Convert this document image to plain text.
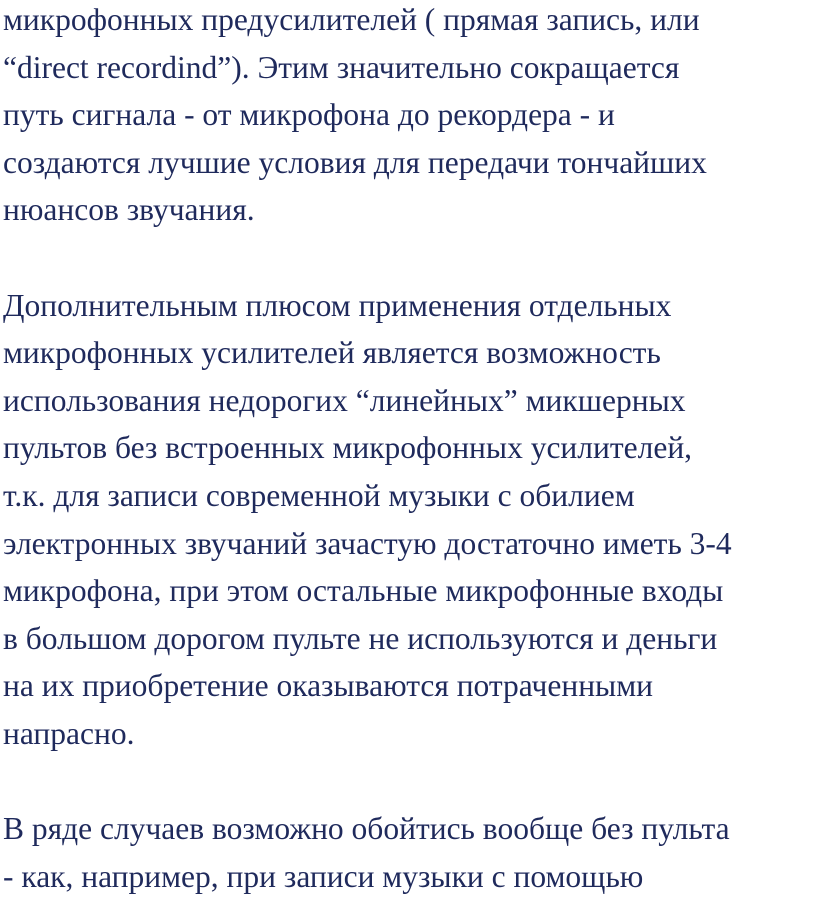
микрофонных предусилителей ( прямая запись, или
“direct recordind”). Этим значительно сокращается
путь сигнала - от микрофона до рекордера - и
создаются лучшие условия для передачи тончайших
нюансов звучания.
Дополнительным плюсом применения отдельных
микрофонных усилителей является возможность
использования недорогих “линейных” микшерных
пультов без встроенных микрофонных усилителей,
т.к. для записи современной музыки с обилием
электронных звучаний зачастую достаточно иметь 3-4
микрофона, при этом остальные микрофонные входы
в большом дорогом пульте не используются и деньги
на их приобретение оказываются потраченными
напрасно.
В ряде случаев возможно обойтись вообще без пульта
- как, например, при записи музыки с помощью
